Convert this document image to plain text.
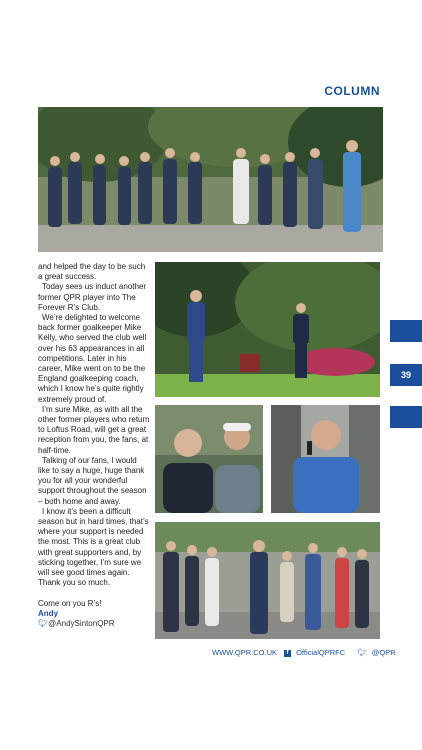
COLUMN

and helped the day to be such a great success.

Today sees us induct another former QPR player into The Forever R’s Club.

We’re delighted to welcome back former goalkeeper Mike Kelly, who served the club well over his 63 appearances in all competitions. Later in his career, Mike went on to be the England goalkeeping coach, which I know he’s quite rightly extremely proud of.

I’m sure Mike, as with all the other former players who return to Loftus Road, will get a great reception from you, the fans, at half-time.

Talking of our fans, I would like to say a huge, huge thank you for all your wonderful support throughout the season – both home and away.

I know it’s been a difficult season but in hard times, that’s where your support is needed the most. This is a great club with great supporters and, by sticking together, I’m sure we will see good times again. Thank you so much.

Come on you R’s!

Andy

🐦︎@AndySintonQPR

39
WWW.QPR.CO.UK f OfficialQPRFC 🐦︎ @QPR
